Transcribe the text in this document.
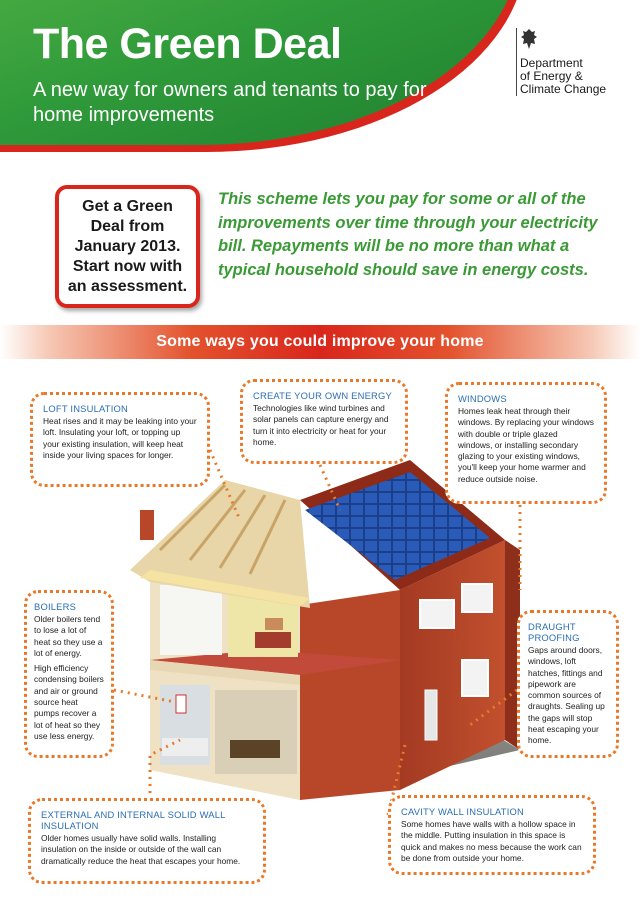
The Green Deal

A new way for owners and tenants to pay for home improvements

Department
of Energy &
Climate Change
Get a Green Deal from January 2013. Start now with an assessment.

This scheme lets you pay for some or all of the improvements over time through your electricity bill. Repayments will be no more than what a typical household should save in energy costs.

Some ways you could improve your home
LOFT INSULATION

Heat rises and it may be leaking into your loft. Insulating your loft, or topping up your existing insulation, will keep heat inside your living spaces for longer.

CREATE YOUR OWN ENERGY

Technologies like wind turbines and solar panels can capture energy and turn it into electricity or heat for your home.

WINDOWS

Homes leak heat through their windows. By replacing your windows with double or triple glazed windows, or installing secondary glazing to your existing windows, you'll keep your home warmer and reduce outside noise.

BOILERS

Older boilers tend to lose a lot of heat so they use a lot of energy.

High efficiency condensing boilers and air or ground source heat pumps recover a lot of heat so they use less energy.

DRAUGHT PROOFING

Gaps around doors, windows, loft hatches, fittings and pipework are common sources of draughts. Sealing up the gaps will stop heat escaping your home.

EXTERNAL AND INTERNAL SOLID WALL INSULATION

Older homes usually have solid walls. Installing insulation on the inside or outside of the wall can dramatically reduce the heat that escapes your home.

CAVITY WALL INSULATION

Some homes have walls with a hollow space in the middle. Putting insulation in this space is quick and makes no mess because the work can be done from outside your home.
